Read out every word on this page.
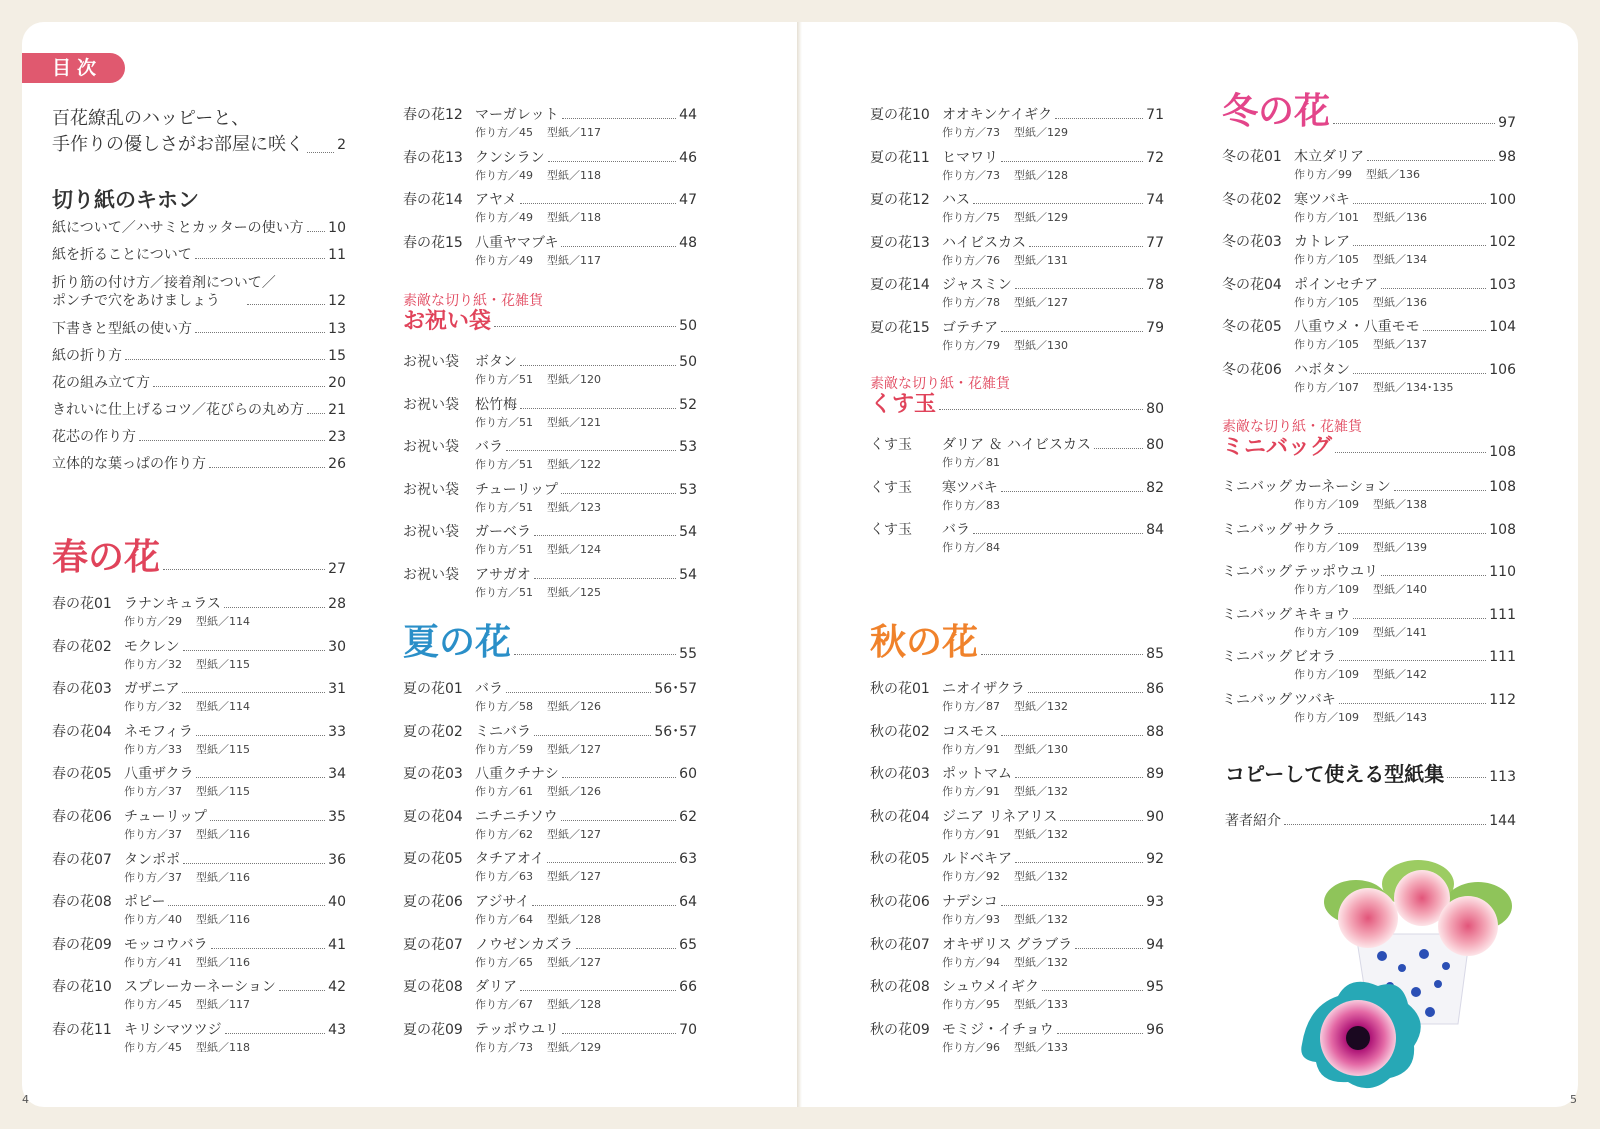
目次
百花繚乱のハッピーと、
手作りの優しさがお部屋に咲く 2
切り紙のキホン
紙について／ハサミとカッターの使い方 10
紙を折ることについて	11
折り筋の付け方／接着剤について／
ポンチで穴をあけましょう	12
下書きと型紙の使い方	13
紙の折り方	15
花の組み立て方	20
きれいに仕上げるコツ／花びらの丸め方 21
花芯の作り方	23
立体的な葉っぱの作り方	26
春の花	27
春の花01 ラナンキュラス	28
作り方／29 型紙／114
春の花02 モクレン	30
作り方／32 型紙／115
春の花03 ガザニア	31
作り方／32 型紙／114
春の花04 ネモフィラ	33
作り方／33 型紙／115
春の花05 八重ザクラ	34
作り方／37 型紙／115
春の花06 チューリップ	35
作り方／37 型紙／116
春の花07 タンポポ	36
作り方／37 型紙／116
春の花08 ポピー	40
作り方／40 型紙／116
春の花09 モッコウバラ	41
作り方／41 型紙／116
春の花10 スプレーカーネーション	42
作り方／45 型紙／117
春の花11 キリシマツツジ	43
作り方／45 型紙／118
春の花12 マーガレット	44
作り方／45 型紙／117
春の花13 クンシラン	46
作り方／49 型紙／118
春の花14 アヤメ	47
作り方／49 型紙／118
春の花15 八重ヤマブキ	48
作り方／49 型紙／117
素敵な切り紙・花雑貨
お祝い袋	50
お祝い袋	ボタン	50
作り方／51 型紙／120
お祝い袋	松竹梅	52
作り方／51 型紙／121
お祝い袋	バラ	53
作り方／51 型紙／122
お祝い袋	チューリップ	53
作り方／51 型紙／123
お祝い袋	ガーベラ	54
作り方／51 型紙／124
お祝い袋	アサガオ	54
作り方／51 型紙／125
夏の花	55
夏の花01 バラ	56･57
作り方／58 型紙／126
夏の花02 ミニバラ	56･57
作り方／59 型紙／127
夏の花03 八重クチナシ	60
作り方／61 型紙／126
夏の花04 ニチニチソウ	62
作り方／62 型紙／127
夏の花05 タチアオイ	63
作り方／63 型紙／127
夏の花06 アジサイ	64
作り方／64 型紙／128
夏の花07 ノウゼンカズラ	65
作り方／65 型紙／127
夏の花08 ダリア	66
作り方／67 型紙／128
夏の花09 テッポウユリ	70
作り方／73 型紙／129
夏の花10 オオキンケイギク	71
作り方／73 型紙／129
夏の花11 ヒマワリ	72
作り方／73 型紙／128
夏の花12 ハス	74
作り方／75 型紙／129
夏の花13 ハイビスカス	77
作り方／76 型紙／131
夏の花14 ジャスミン	78
作り方／78 型紙／127
夏の花15 ゴテチア	79
作り方／79 型紙／130
素敵な切り紙・花雑貨
くす玉	80
くす玉	ダリア ＆ ハイビスカス	80
作り方／81
くす玉	寒ツバキ	82
作り方／83
くす玉	バラ	84
作り方／84
秋の花	85
秋の花01 ニオイザクラ	86
作り方／87 型紙／132
秋の花02 コスモス	88
作り方／91 型紙／130
秋の花03 ポットマム	89
作り方／91 型紙／132
秋の花04 ジニア リネアリス	90
作り方／91 型紙／132
秋の花05 ルドベキア	92
作り方／92 型紙／132
秋の花06 ナデシコ	93
作り方／93 型紙／132
秋の花07 オキザリス グラブラ	94
作り方／94 型紙／132
秋の花08 シュウメイギク	95
作り方／95 型紙／133
秋の花09 モミジ・イチョウ	96
作り方／96 型紙／133
冬の花	97
冬の花01 木立ダリア	98
作り方／99 型紙／136
冬の花02 寒ツバキ	100
作り方／101 型紙／136
冬の花03 カトレア	102
作り方／105 型紙／134
冬の花04 ポインセチア	103
作り方／105 型紙／136
冬の花05 八重ウメ・八重モモ	104
作り方／105 型紙／137
冬の花06 ハボタン	106
作り方／107 型紙／134･135
素敵な切り紙・花雑貨
ミニバッグ	108
ミニバッグ カーネーション	108
作り方／109 型紙／138
ミニバッグ サクラ	108
作り方／109 型紙／139
ミニバッグ テッポウユリ	110
作り方／109 型紙／140
ミニバッグ キキョウ	111
作り方／109 型紙／141
ミニバッグ ビオラ	111
作り方／109 型紙／142
ミニバッグ ツバキ	112
作り方／109 型紙／143
コピーして使える型紙集	113
著者紹介	144
4	5
